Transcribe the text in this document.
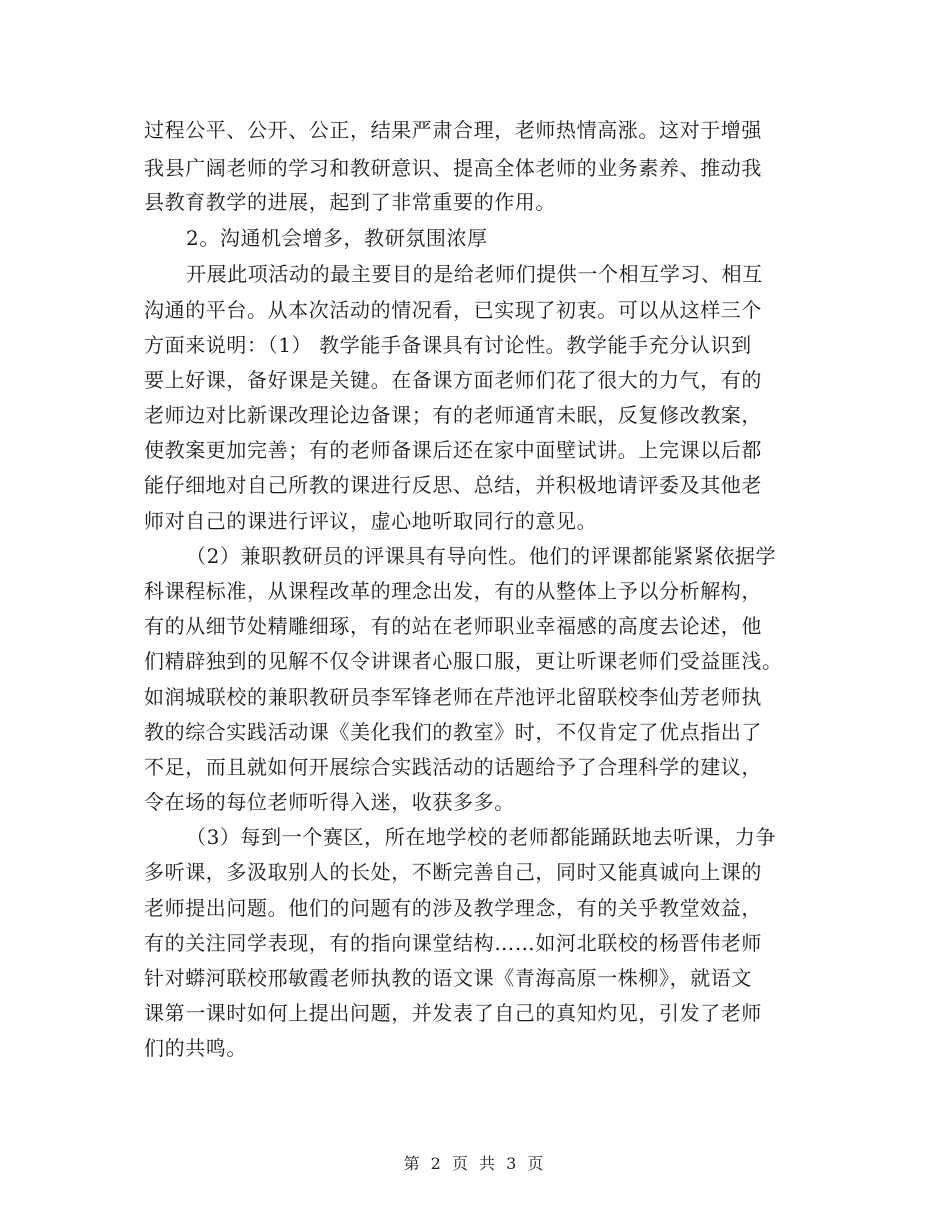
过程公平、公开、公正，结果严肃合理，老师热情高涨。这对于增强
我县广阔老师的学习和教研意识、提高全体老师的业务素养、推动我
县教育教学的进展，起到了非常重要的作用。
2。沟通机会增多，教研氛围浓厚
开展此项活动的最主要目的是给老师们提供一个相互学习、相互
沟通的平台。从本次活动的情况看，已实现了初衷。可以从这样三个
方面来说明：（1） 教学能手备课具有讨论性。教学能手充分认识到
要上好课，备好课是关键。在备课方面老师们花了很大的力气，有的
老师边对比新课改理论边备课；有的老师通宵未眠，反复修改教案，
使教案更加完善；有的老师备课后还在家中面壁试讲。上完课以后都
能仔细地对自己所教的课进行反思、总结，并积极地请评委及其他老
师对自己的课进行评议，虚心地听取同行的意见。
（2）兼职教研员的评课具有导向性。他们的评课都能紧紧依据学
科课程标准，从课程改革的理念出发，有的从整体上予以分析解构，
有的从细节处精雕细琢，有的站在老师职业幸福感的高度去论述，他
们精辟独到的见解不仅令讲课者心服口服，更让听课老师们受益匪浅。
如润城联校的兼职教研员李军锋老师在芹池评北留联校李仙芳老师执
教的综合实践活动课《美化我们的教室》时，不仅肯定了优点指出了
不足，而且就如何开展综合实践活动的话题给予了合理科学的建议，
令在场的每位老师听得入迷，收获多多。
（3）每到一个赛区，所在地学校的老师都能踊跃地去听课，力争
多听课，多汲取别人的长处，不断完善自己，同时又能真诚向上课的
老师提出问题。他们的问题有的涉及教学理念，有的关乎教堂效益，
有的关注同学表现，有的指向课堂结构……如河北联校的杨晋伟老师
针对蟒河联校邢敏霞老师执教的语文课《青海高原一株柳》，就语文
课第一课时如何上提出问题，并发表了自己的真知灼见，引发了老师
们的共鸣。
第 2 页 共 3 页
